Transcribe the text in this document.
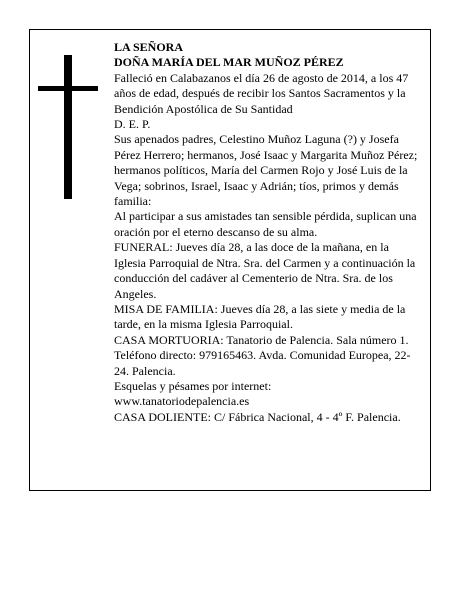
LA SEÑORA

DOÑA MARÍA DEL MAR MUÑOZ PÉREZ

Falleció en Calabazanos el día 26 de agosto de 2014, a los 47 años de edad, después de recibir los Santos Sacramentos y la Bendición Apostólica de Su Santidad

D. E. P.

Sus apenados padres, Celestino Muñoz Laguna (?) y Josefa Pérez Herrero; hermanos, José Isaac y Margarita Muñoz Pérez; hermanos políticos, María del Carmen Rojo y José Luis de la Vega; sobrinos, Israel, Isaac y Adrián; tíos, primos y demás familia:

Al participar a sus amistades tan sensible pérdida, suplican una oración por el eterno descanso de su alma.

FUNERAL: Jueves día 28, a las doce de la mañana, en la Iglesia Parroquial de Ntra. Sra. del Carmen y a continuación la conducción del cadáver al Cementerio de Ntra. Sra. de los Angeles.

MISA DE FAMILIA: Jueves día 28, a las siete y media de la tarde, en la misma Iglesia Parroquial.

CASA MORTUORIA: Tanatorio de Palencia. Sala número 1. Teléfono directo: 979165463. Avda. Comunidad Europea, 22-24. Palencia.

Esquelas y pésames por internet:

www.tanatoriodepalencia.es

CASA DOLIENTE: C/ Fábrica Nacional, 4 - 4º F. Palencia.
